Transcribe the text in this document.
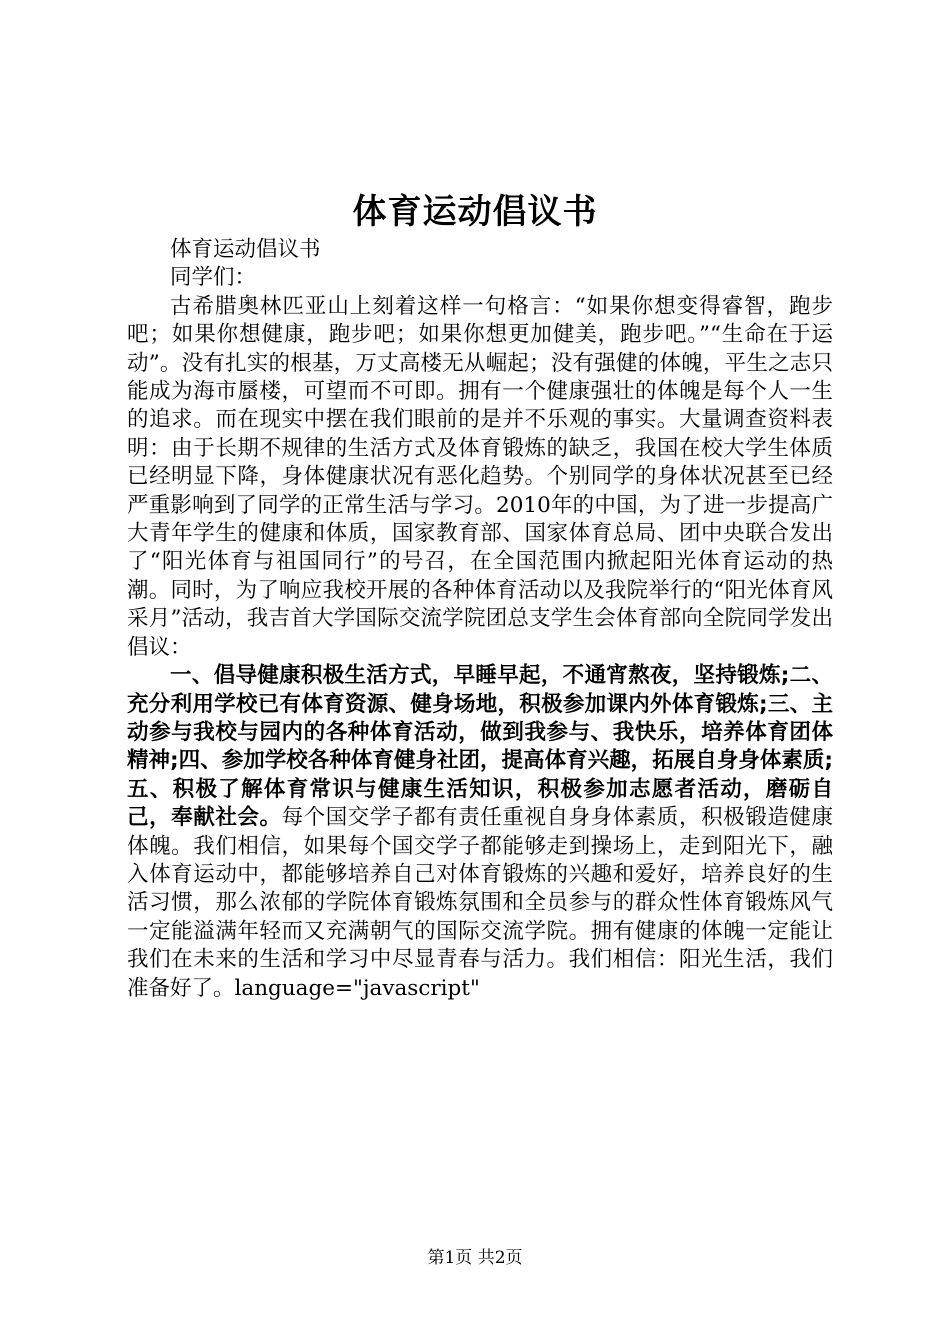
体育运动倡议书

体育运动倡议书

同学们：

古希腊奥林匹亚山上刻着这样一句格言：“如果你想变得睿智，跑步吧；如果你想健康，跑步吧；如果你想更加健美，跑步吧。”“生命在于运动”。没有扎实的根基，万丈高楼无从崛起；没有强健的体魄，平生之志只能成为海市蜃楼，可望而不可即。拥有一个健康强壮的体魄是每个人一生的追求。而在现实中摆在我们眼前的是并不乐观的事实。大量调查资料表明：由于长期不规律的生活方式及体育锻炼的缺乏，我国在校大学生体质已经明显下降，身体健康状况有恶化趋势。个别同学的身体状况甚至已经严重影响到了同学的正常生活与学习。2010年的中国，为了进一步提高广大青年学生的健康和体质，国家教育部、国家体育总局、团中央联合发出了“阳光体育与祖国同行”的号召，在全国范围内掀起阳光体育运动的热潮。同时，为了响应我校开展的各种体育活动以及我院举行的“阳光体育风采月”活动，我吉首大学国际交流学院团总支学生会体育部向全院同学发出倡议：

一、倡导健康积极生活方式，早睡早起，不通宵熬夜，坚持锻炼;二、充分利用学校已有体育资源、健身场地，积极参加课内外体育锻炼;三、主动参与我校与园内的各种体育活动，做到我参与、我快乐，培养体育团体精神;四、参加学校各种体育健身社团，提高体育兴趣，拓展自身身体素质;五、积极了解体育常识与健康生活知识，积极参加志愿者活动，磨砺自己，奉献社会。每个国交学子都有责任重视自身身体素质，积极锻造健康体魄。我们相信，如果每个国交学子都能够走到操场上，走到阳光下，融入体育运动中，都能够培养自己对体育锻炼的兴趣和爱好，培养良好的生活习惯，那么浓郁的学院体育锻炼氛围和全员参与的群众性体育锻炼风气一定能溢满年轻而又充满朝气的国际交流学院。拥有健康的体魄一定能让我们在未来的生活和学习中尽显青春与活力。我们相信：阳光生活，我们准备好了。language="javascript"

第1页 共2页
